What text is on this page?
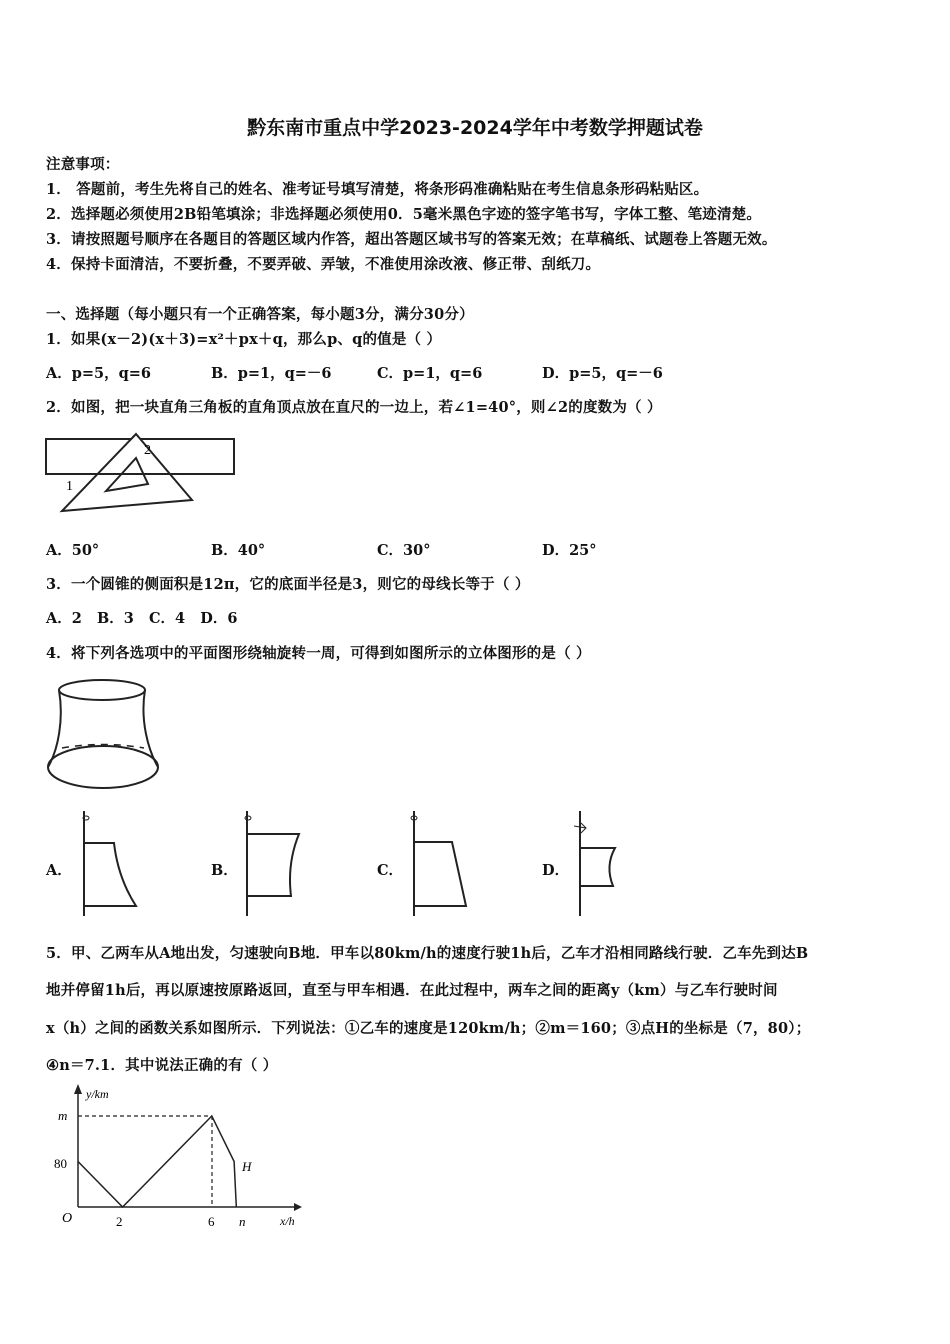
黔东南市重点中学2023-2024学年中考数学押题试卷
注意事项：
1． 答题前，考生先将自己的姓名、准考证号填写清楚，将条形码准确粘贴在考生信息条形码粘贴区。
2．选择题必须使用2B铅笔填涂；非选择题必须使用0．5毫米黑色字迹的签字笔书写，字体工整、笔迹清楚。
3．请按照题号顺序在各题目的答题区域内作答，超出答题区域书写的答案无效；在草稿纸、试题卷上答题无效。
4．保持卡面清洁，不要折叠，不要弄破、弄皱，不准使用涂改液、修正带、刮纸刀。
一、选择题（每小题只有一个正确答案，每小题3分，满分30分）
1．如果(x－2)(x＋3)=x²＋px＋q，那么p、q的值是（ ）
A．p=5，q=6	B．p=1，q=－6	C．p=1，q=6	D．p=5，q=－6
2．如图，把一块直角三角板的直角顶点放在直尺的一边上，若∠1=40°，则∠2的度数为（ ）
1
2
A．50°	B．40°	C．30°	D．25°
3．一个圆锥的侧面积是12π，它的底面半径是3，则它的母线长等于（ ）
A．2   B．3   C．4   D．6
4．将下列各选项中的平面图形绕轴旋转一周，可得到如图所示的立体图形的是（ ）
A．	B．	C．	D．
5．甲、乙两车从A地出发，匀速驶向B地．甲车以80km/h的速度行驶1h后，乙车才沿相同路线行驶．乙车先到达B
地并停留1h后，再以原速按原路返回，直至与甲车相遇．在此过程中，两车之间的距离y（km）与乙车行驶时间
x（h）之间的函数关系如图所示．下列说法：①乙车的速度是120km/h；②m＝160；③点H的坐标是（7，80）；
④n＝7.1．其中说法正确的有（ ）
y/km
x/h
O
m
80
2	6 n
H
